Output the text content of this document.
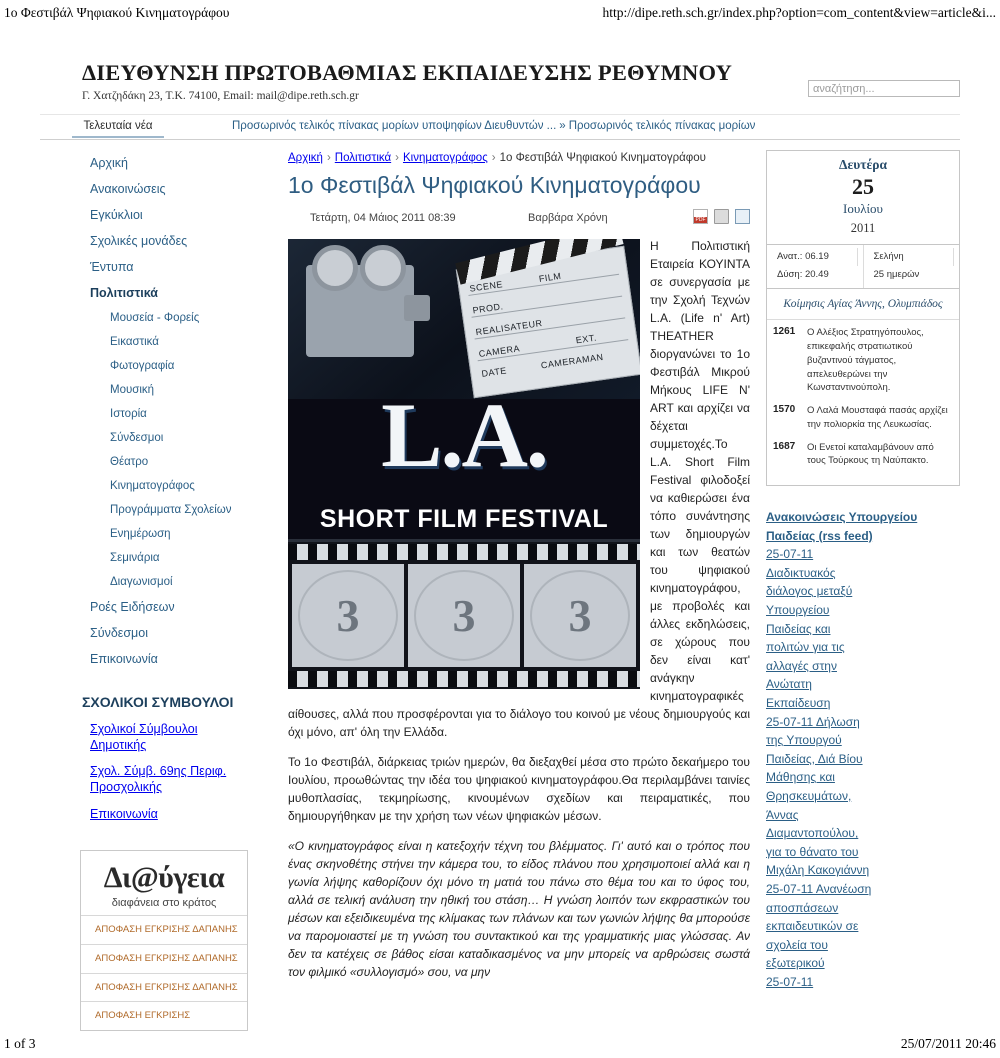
1ο Φεστιβάλ Ψηφιακού Κινηματογράφου	http://dipe.reth.sch.gr/index.php?option=com_content&view=article&i...
ΔΙΕΥΘΥΝΣΗ ΠΡΩΤΟΒΑΘΜΙΑΣ ΕΚΠΑΙΔΕΥΣΗΣ ΡΕΘΥΜΝΟΥ
Γ. Χατζηδάκη 23, Τ.Κ. 74100, Email: mail@dipe.reth.sch.gr
αναζήτηση...
Τελευταία νέα	Προσωρινός τελικός πίνακας μορίων υποψηφίων Διευθυντών ... » Προσωρινός τελικός πίνακας μορίων
Αρχική
Ανακοινώσεις
Εγκύκλιοι
Σχολικές μονάδες
Έντυπα
Πολιτιστικά
Μουσεία - Φορείς
Εικαστικά
Φωτογραφία
Μουσική
Ιστορία
Σύνδεσμοι
Θέατρο
Κινηματογράφος
Προγράμματα Σχολείων
Ενημέρωση
Σεμινάρια
Διαγωνισμοί
Ροές Ειδήσεων
Σύνδεσμοι
Επικοινωνία
ΣΧΟΛΙΚΟΙ ΣΥΜΒΟΥΛΟΙ
Σχολικοί Σύμβουλοι Δημοτικής
Σχολ. Σύμβ. 69ης Περιφ. Προσχολικής
Επικοινωνία
Δι@ύγεια
διαφάνεια στο κράτος
ΑΠΟΦΑΣΗ ΕΓΚΡΙΣΗΣ ΔΑΠΑΝΗΣ
ΑΠΟΦΑΣΗ ΕΓΚΡΙΣΗΣ ΔΑΠΑΝΗΣ
ΑΠΟΦΑΣΗ ΕΓΚΡΙΣΗΣ ΔΑΠΑΝΗΣ
ΑΠΟΦΑΣΗ ΕΓΚΡΙΣΗΣ
Αρχική › Πολιτιστικά › Κινηματογράφος › 1ο Φεστιβάλ Ψηφιακού Κινηματογράφου
1ο Φεστιβάλ Ψηφιακού Κινηματογράφου
Τετάρτη, 04 Μάιος 2011 08:39	Βαρβάρα Χρόνη
PDF
SCENE
FILM
PROD.
REALISATEUR
CAMERA
EXT.
DATE
CAMERAMAN
L.A.
SHORT FILM FESTIVAL
3	3	3

Η Πολιτιστική Εταιρεία ΚΟΥΙΝΤΑ σε συνεργασία με την Σχολή Τεχνών L.A. (Life n' Art) THEATHER διοργανώνει το 1ο Φεστιβάλ Μικρού Μήκους LIFE N' ART και αρχίζει να δέχεται συμμετοχές.Το L.A. Short Film Festival φιλοδοξεί να καθιερώσει ένα τόπο συνάντησης των δημιουργών και των θεατών του ψηφιακού κινηματογράφου, με προβολές και άλλες εκδηλώσεις, σε χώρους που δεν είναι κατ' ανάγκην κινηματογραφικές αίθουσες, αλλά που προσφέρονται για το διάλογο του κοινού με νέους δημιουργούς και όχι μόνο, απ' όλη την Ελλάδα.

Το 1ο Φεστιβάλ, διάρκειας τριών ημερών, θα διεξαχθεί μέσα στο πρώτο δεκαήμερο του Ιουλίου, προωθώντας την ιδέα του ψηφιακού κινηματογράφου.Θα περιλαμβάνει ταινίες μυθοπλασίας, τεκμηρίωσης, κινουμένων σχεδίων και πειραματικές, που δημιουργήθηκαν με την χρήση των νέων ψηφιακών μέσων.

«Ο κινηματογράφος είναι η κατεξοχήν τέχνη του βλέμματος. Γι' αυτό και ο τρόπος που ένας σκηνοθέτης στήνει την κάμερα του, το είδος πλάνου που χρησιμοποιεί αλλά και η γωνία λήψης καθορίζουν όχι μόνο τη ματιά του πάνω στο θέμα του και το ύφος του, αλλά σε τελική ανάλυση την ηθική του στάση… Η γνώση λοιπόν των εκφραστικών του μέσων και εξειδικευμένα της κλίμακας των πλάνων και των γωνιών λήψης θα μπορούσε να παρομοιαστεί με τη γνώση του συντακτικού και της γραμματικής μιας γλώσσας. Αν δεν τα κατέχεις σε βάθος είσαι καταδικασμένος να μην μπορείς να αρθρώσεις σωστά τον φιλμικό «συλλογισμό» σου, να μην

Δευτέρα
25
Ιουλίου
2011
Ανατ.: 06.19
Δύση: 20.49
Σελήνη
25 ημερών
Κοίμησις Αγίας Άννης, Ολυμπιάδος
1261	Ο Αλέξιος Στρατηγόπουλος, επικεφαλής στρατιωτικού βυζαντινού τάγματος, απελευθερώνει την Κωνσταντινούπολη.
1570	Ο Λαλά Μουσταφά πασάς αρχίζει την πολιορκία της Λευκωσίας.
1687	Οι Ενετοί καταλαμβάνουν από τους Τούρκους τη Ναύπακτο.
Ανακοινώσεις Υπουργείου Παιδείας (rss feed)
25-07-11
Διαδικτυακός
διάλογος μεταξύ
Υπουργείου
Παιδείας και
πολιτών για τις
αλλαγές στην
Ανώτατη
Εκπαίδευση
25-07-11 Δήλωση
της Υπουργού
Παιδείας, Διά Βίου
Μάθησης και
Θρησκευμάτων,
Άννας
Διαμαντοπούλου,
για το θάνατο του
Μιχάλη Κακογιάννη
25-07-11 Ανανέωση
αποσπάσεων
εκπαιδευτικών σε
σχολεία του
εξωτερικού
25-07-11
1 of 3	25/07/2011 20:46
